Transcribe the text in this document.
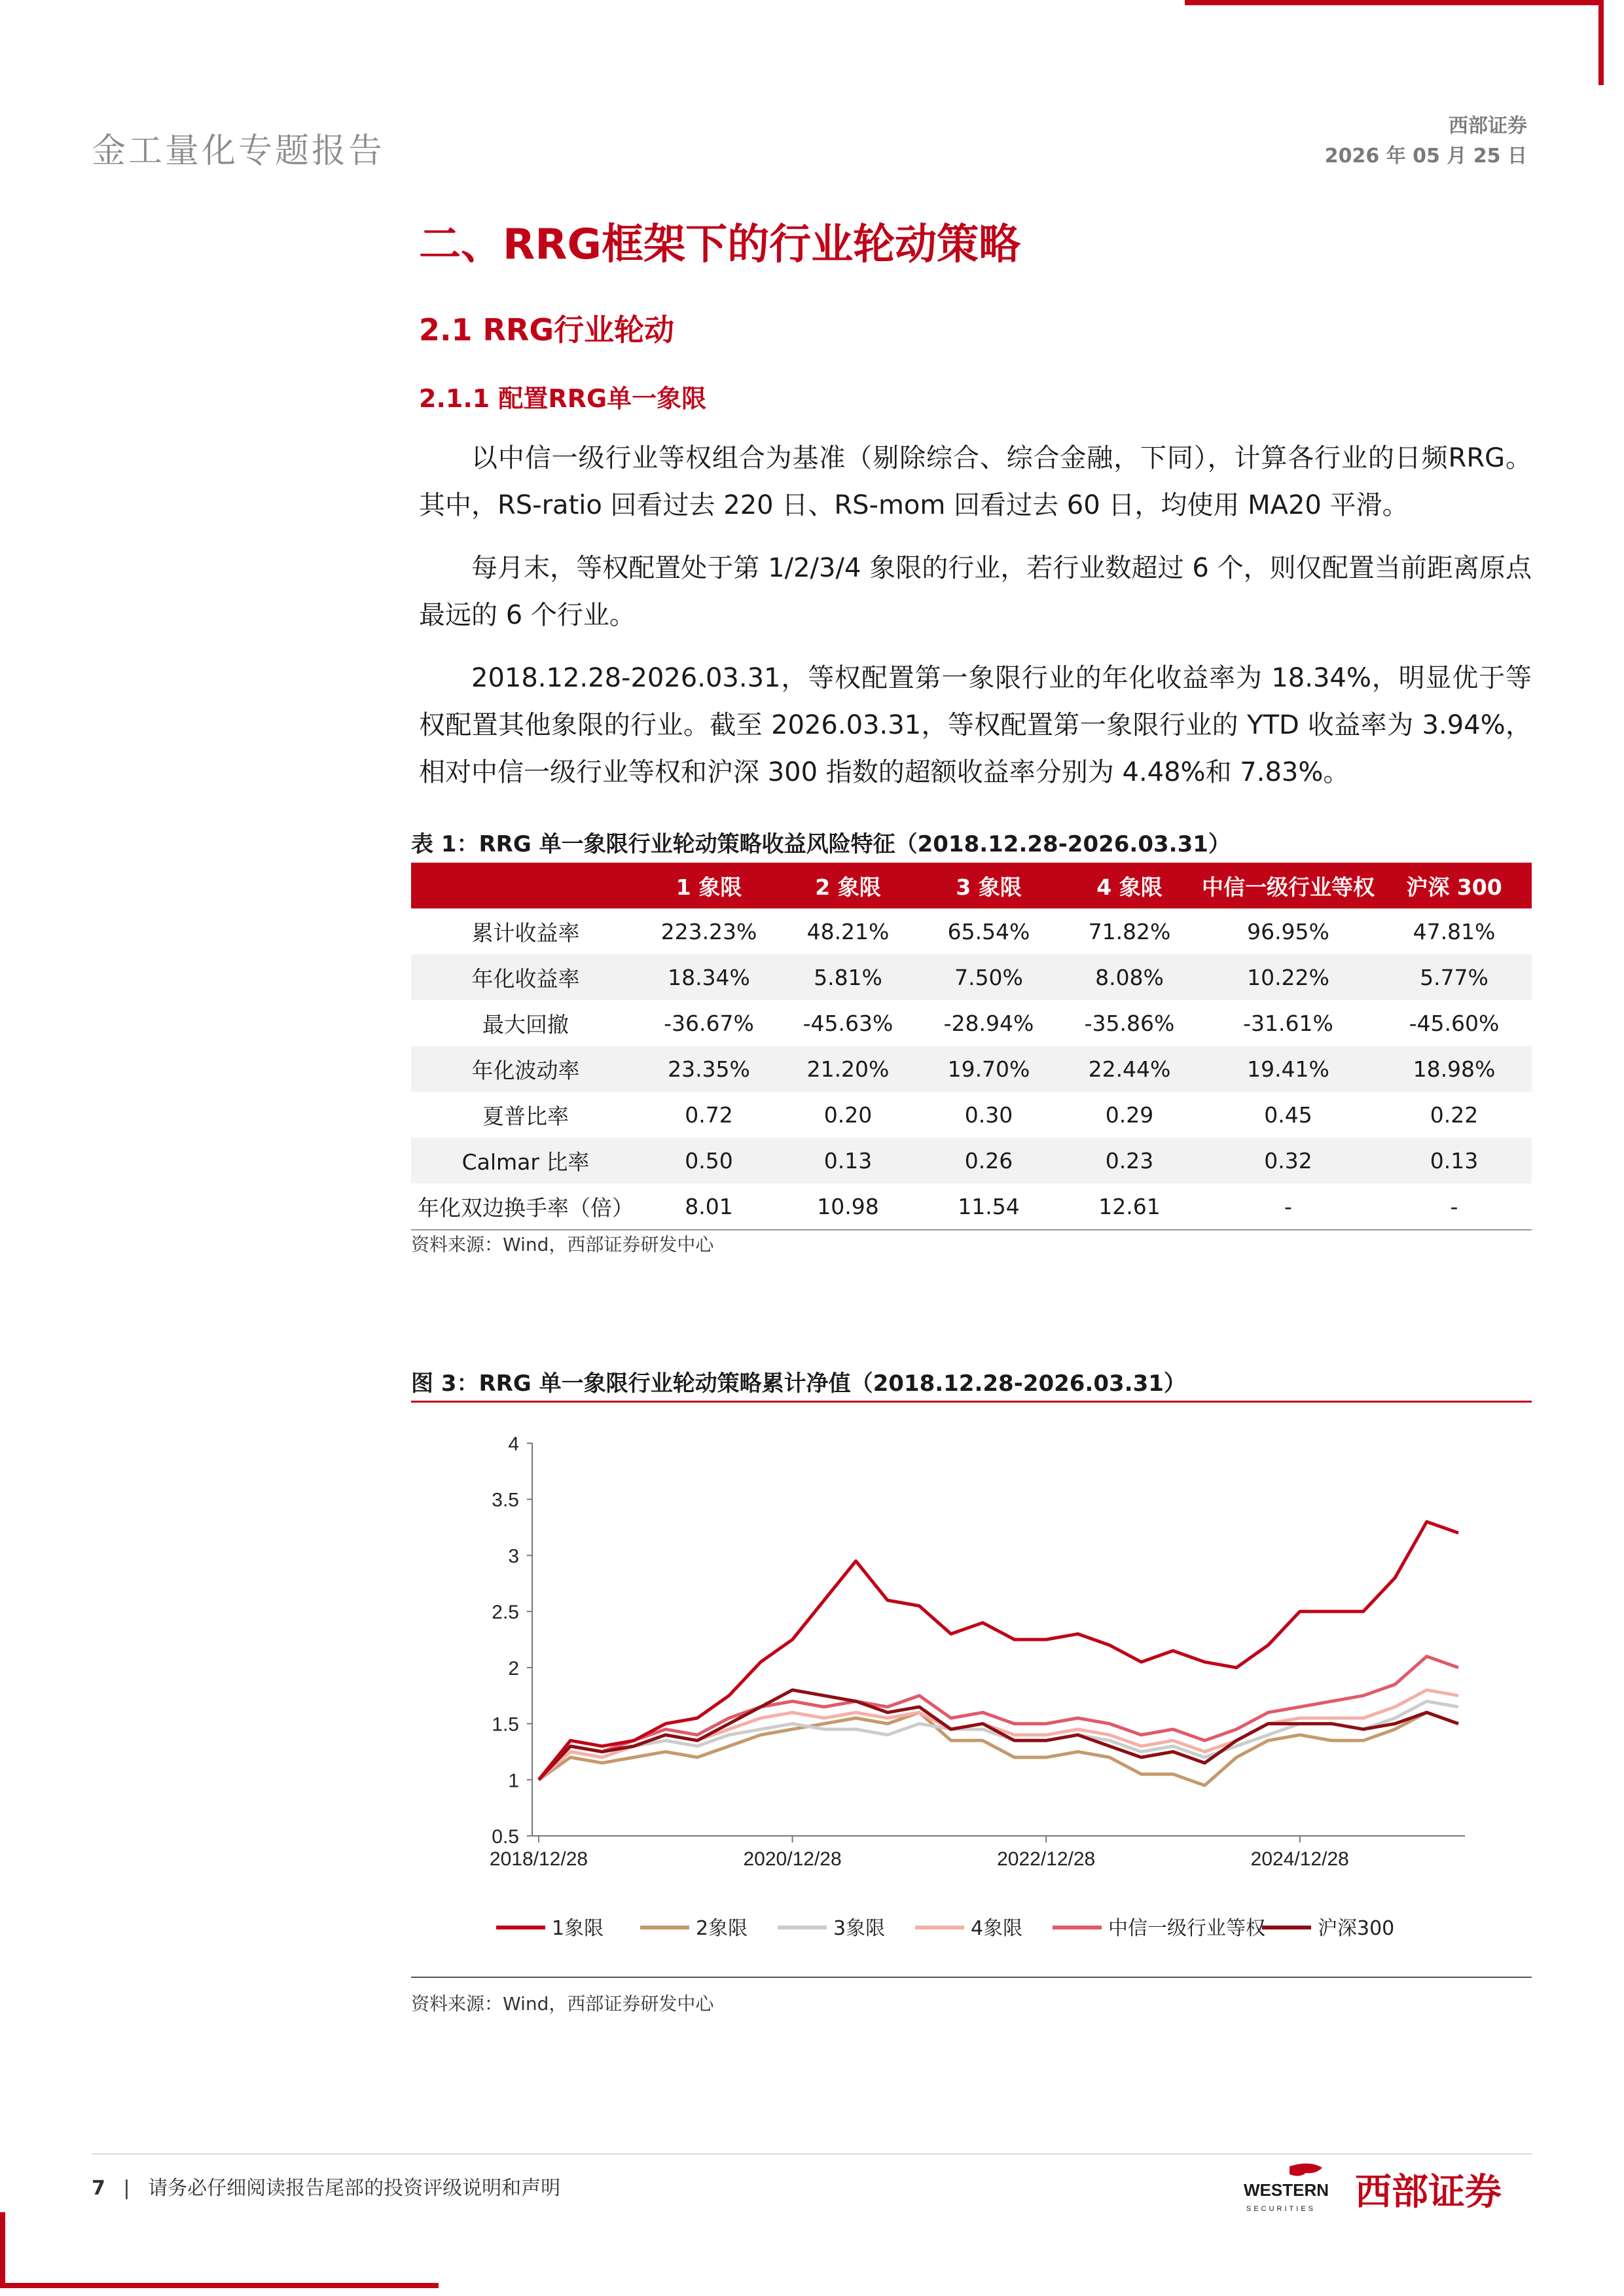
金工量化专题报告
西部证券
2026 年 05 月 25 日
二、RRG框架下的行业轮动策略
2.1 RRG行业轮动
2.1.1 配置RRG单一象限
以中信一级行业等权组合为基准（剔除综合、综合金融，下同），计算各行业的日频RRG。其中，RS-ratio 回看过去 220 日、RS-mom 回看过去 60 日，均使用 MA20 平滑。
每月末，等权配置处于第 1/2/3/4 象限的行业，若行业数超过 6 个，则仅配置当前距离原点最远的 6 个行业。
2018.12.28-2026.03.31，等权配置第一象限行业的年化收益率为 18.34%，明显优于等权配置其他象限的行业。截至 2026.03.31，等权配置第一象限行业的 YTD 收益率为 3.94%，相对中信一级行业等权和沪深 300 指数的超额收益率分别为 4.48%和 7.83%。
表 1：RRG 单一象限行业轮动策略收益风险特征（2018.12.28-2026.03.31）
	1 象限	2 象限	3 象限	4 象限	中信一级行业等权	沪深 300
累计收益率	223.23%	48.21%	65.54%	71.82%	96.95%	47.81%
年化收益率	18.34%	5.81%	7.50%	8.08%	10.22%	5.77%
最大回撤	-36.67%	-45.63%	-28.94%	-35.86%	-31.61%	-45.60%
年化波动率	23.35%	21.20%	19.70%	22.44%	19.41%	18.98%
夏普比率	0.72	0.20	0.30	0.29	0.45	0.22
Calmar 比率	0.50	0.13	0.26	0.23	0.32	0.13
年化双边换手率（倍）	8.01	10.98	11.54	12.61	-	-
资料来源：Wind，西部证券研发中心
图 3：RRG 单一象限行业轮动策略累计净值（2018.12.28-2026.03.31）
4
3.5
3
2.5
2
1.5
1
0.5
2018/12/28	2020/12/28	2022/12/28	2024/12/28
1象限	2象限	3象限	4象限	中信一级行业等权	沪深300
资料来源：Wind，西部证券研发中心
7 | 请务必仔细阅读报告尾部的投资评级说明和声明	WESTERN
SECURITIES 西部证券
